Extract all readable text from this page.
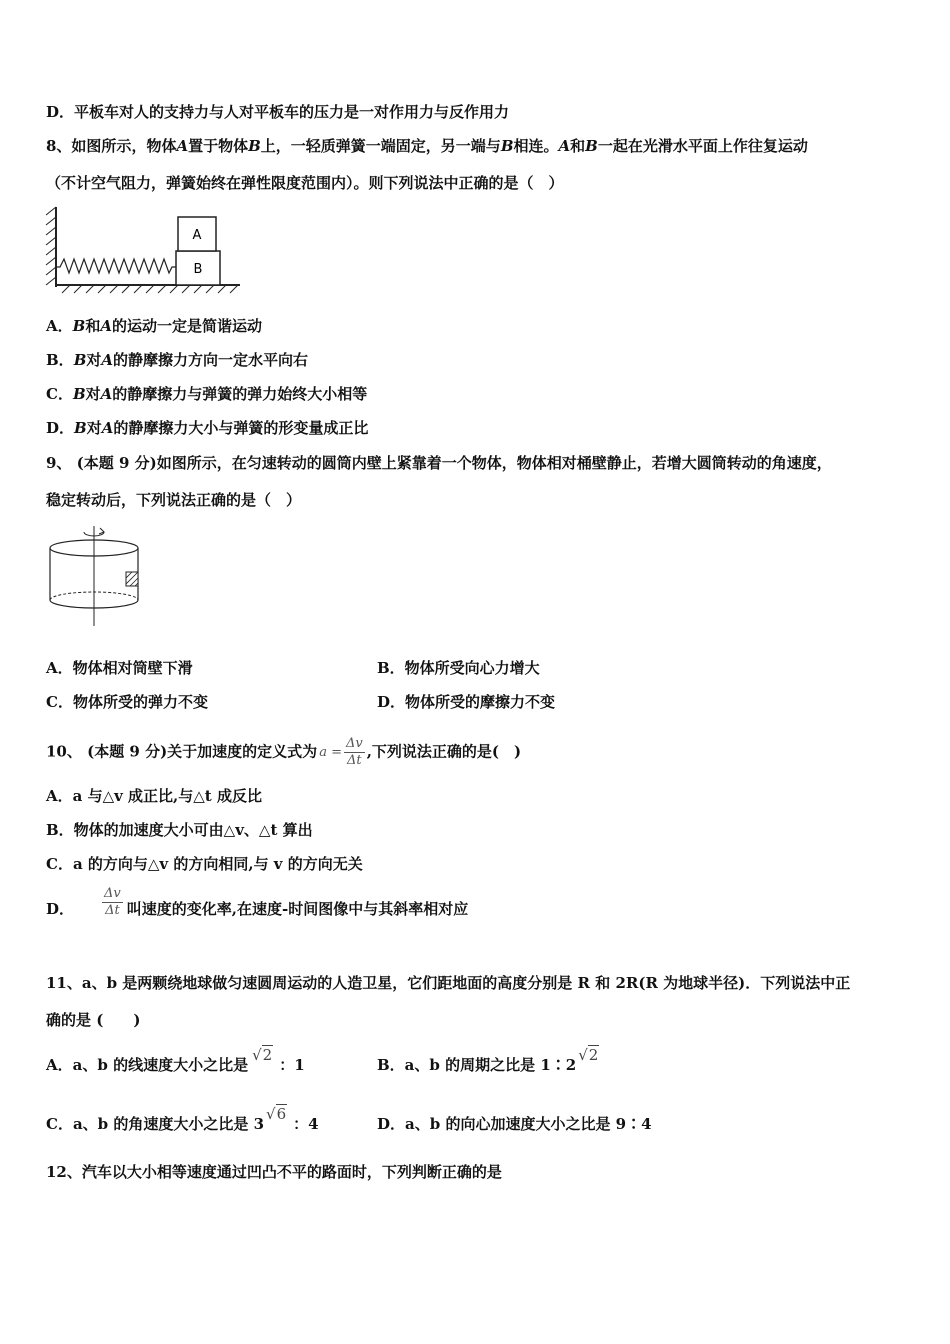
D．平板车对人的支持力与人对平板车的压力是一对作用力与反作用力
8、如图所示，物体A置于物体B上，一轻质弹簧一端固定，另一端与B相连。A和B一起在光滑水平面上作往复运动
（不计空气阻力，弹簧始终在弹性限度范围内）。则下列说法中正确的是（　）
A
B
A．B和A的运动一定是简谐运动
B．B对A的静摩擦力方向一定水平向右
C．B对A的静摩擦力与弹簧的弹力始终大小相等
D．B对A的静摩擦力大小与弹簧的形变量成正比
9、 (本题 9 分)如图所示，在匀速转动的圆筒内壁上紧靠着一个物体，物体相对桶壁静止，若增大圆筒转动的角速度，
稳定转动后，下列说法正确的是（　）
A．物体相对筒壁下滑	B．物体所受向心力增大
C．物体所受的弹力不变	D．物体所受的摩擦力不变
10、 (本题 9 分)关于加速度的定义式为 $a = \frac{\Delta v}{\Delta t}$ ,下列说法正确的是(　)
A．a 与△v 成正比,与△t 成反比
B．物体的加速度大小可由△v、△t 算出
C．a 的方向与△v 的方向相同,与 v 的方向无关
D． $\frac{\Delta v}{\Delta t}$ 叫速度的变化率,在速度-时间图像中与其斜率相对应
11、a、b 是两颗绕地球做匀速圆周运动的人造卫星，它们距地面的高度分别是 R 和 2R(R 为地球半径)．下列说法中正
确的是 (　　)
A．a、b 的线速度大小之比是√2：1	B．a、b 的周期之比是 1∶2√2
C．a、b 的角速度大小之比是 3√6：4	D．a、b 的向心加速度大小之比是 9∶4
12、汽车以大小相等速度通过凹凸不平的路面时，下列判断正确的是
